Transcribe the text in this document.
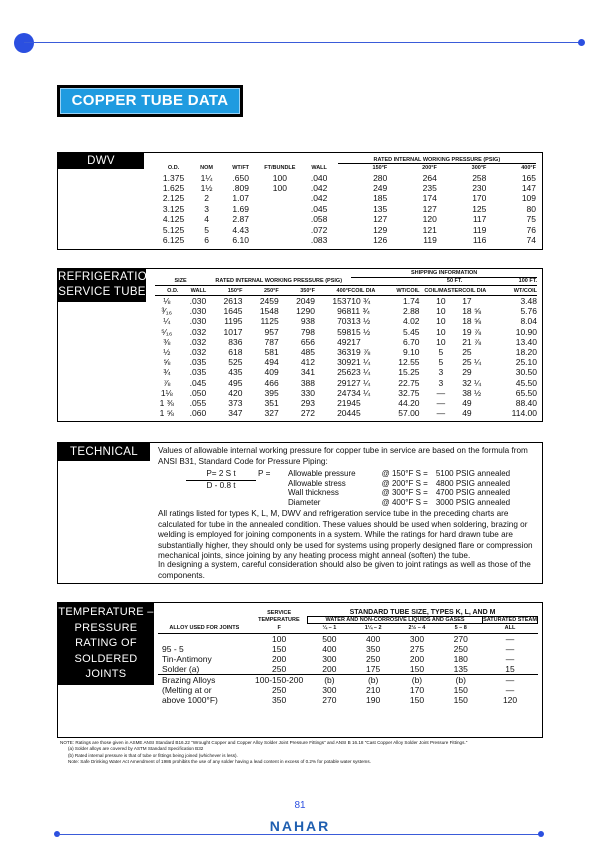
COPPER TUBE DATA
DWV
					RATED INTERNAL WORKING PRESSURE (PSIG)			
O.D.	NOM	WT/FT	FT/BUNDLE	WALL	150°F	200°F	300°F	400°F
1.375	1¼	.650	100	.040	280	264	258	165
1.625	1½	.809	100	.042	249	235	230	147
2.125	2	1.07		.042	185	174	170	109
3.125	3	1.69		.045	135	127	125	80
4.125	4	2.87		.058	127	120	117	75
5.125	5	4.43		.072	129	121	119	76
6.125	6	6.10		.083	126	119	116	74
REFRIGERATION
SERVICE TUBE
						SHIPPING INFORMATION				
SIZE		RATED INTERNAL WORKING PRESSURE (PSIG)				50 FT.			100 FT.	
O.D.	WALL	150°F	250°F	350°F	400°F	COIL DIA	WT/COIL	COIL/MASTER	COIL DIA	WT/COIL
⅛	.030	2613	2459	2049	1537	10 ¾	1.74	10	17	3.48
³⁄₁₆	.030	1645	1548	1290	968	11 ¾	2.88	10	18 ⅝	5.76
¼	.030	1195	1125	938	703	13 ½	4.02	10	18 ⅝	8.04
⁵⁄₁₆	.032	1017	957	798	598	15 ½	5.45	10	19 ⅞	10.90
⅜	.032	836	787	656	492	17	6.70	10	21 ⅞	13.40
½	.032	618	581	485	363	19 ⅞	9.10	5	25	18.20
⅝	.035	525	494	412	309	21 ¼	12.55	5	25 ¼	25.10
¾	.035	435	409	341	256	23 ¼	15.25	3	29	30.50
⅞	.045	495	466	388	291	27 ¼	22.75	3	32 ¼	45.50
1⅛	.050	420	395	330	247	34 ¼	32.75	—	38 ½	65.50
1 ⅜	.055	373	351	293	219	45	44.20	—	49	88.40
1 ⅝	.060	347	327	272	204	45	57.00	—	49	114.00
TECHNICAL DATA
Values of allowable internal working pressure for copper tube in service are based on the formula from ANSI B31, Standard Code for Pressure Piping:
$\frac{\text{P= 2 S t}}{D - 0.8 t}$ P = Allowable pressure	@ 150°F S =	5100 PSIG annealed
Allowable stress	@ 200°F S =	4800 PSIG annealed
Wall thickness	@ 300°F S =	4700 PSIG annealed
Diameter	@ 400°F S =	3000 PSIG annealed
All ratings listed for types K, L, M, DWV and refrigeration service tube in the preceding charts are calculated for tube in the annealed condition. These values should be used when soldering, brazing or welding is employed for joining components in a system. While the ratings for hard drawn tube are substantially higher, they should only be used for systems using properly designed flare or compression mechanical joints, since joining by any heating process might anneal (soften) the tube.
In designing a system, careful consideration should also be given to joint ratings as well as those of the components.
TEMPERATURE –
PRESSURE
RATING OF
SOLDERED
JOINTS
	SERVICE	STANDARD TUBE SIZE, TYPES K, L, AND M				
	TEMPERATURE	WATER AND NON-CORROSIVE LIQUIDS AND GASES				SATURATED STEAM
ALLOY USED FOR JOINTS	F	¼ – 1	1¼ – 2	2½ – 4	5 – 8	ALL
	100	500	400	300	270	—
95 - 5	150	400	350	275	250	—
Tin-Antimony	200	300	250	200	180	—
Solder (a)	250	200	175	150	135	15
Brazing Alloys	100-150-200	(b)	(b)	(b)	(b)	—
(Melting at or	250	300	210	170	150	—
above 1000°F)	350	270	190	150	150	120
NOTE: Ratings are those given in ASME ANSI Standard B16.22 "Wrought Copper and Copper Alloy Solder Joint Pressure Fittings" and ANSI B 16.18 "Cast Copper Alloy Solder Joint Pressure Fittings."
(a) Solder alloys are covered by ASTM Standard Specification B32
(b) Rated internal pressure is that of tube or fittings being joined (whichever is less).
Note: Safe Drinking Water Act Amendment of 1986 prohibits the use of any solder having a lead content in excess of 0.2% for potable water systems.
81
NAHAR
